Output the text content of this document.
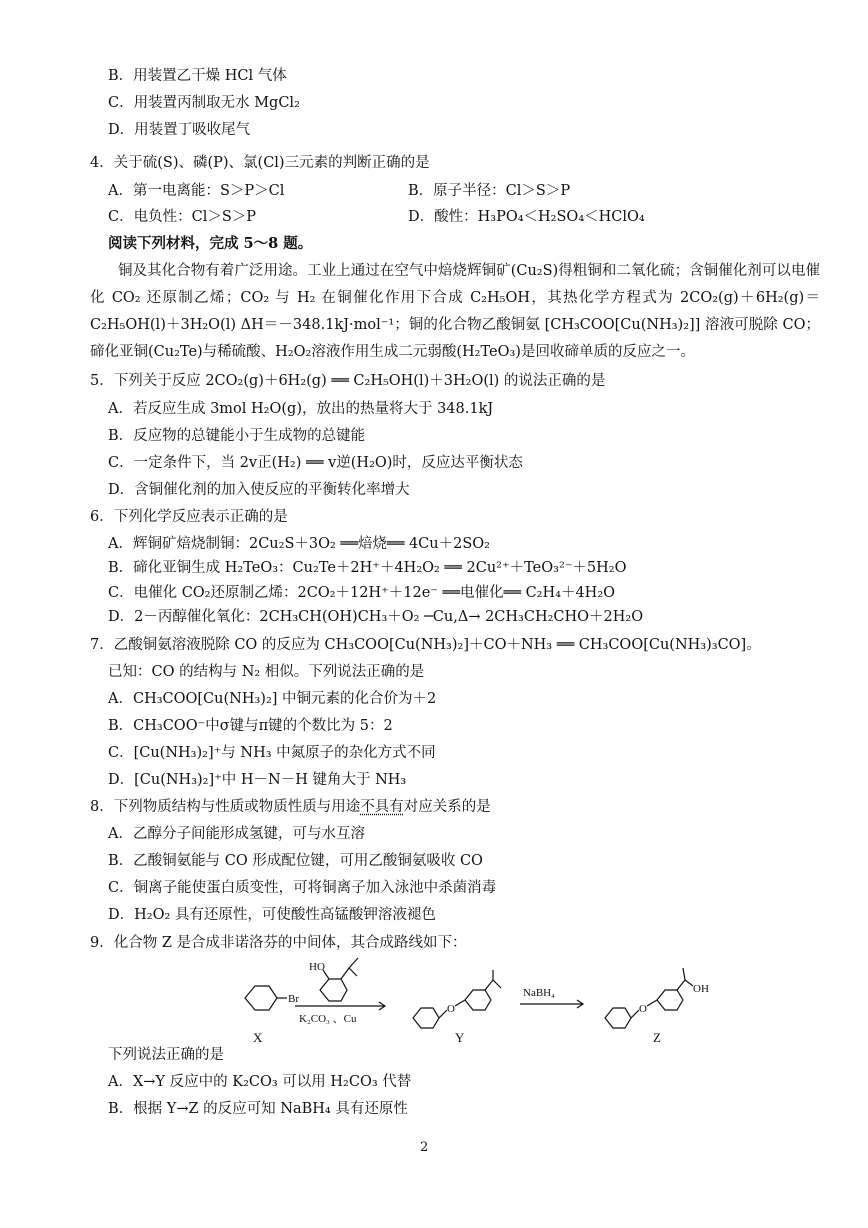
B．用装置乙干燥 HCl 气体
C．用装置丙制取无水 MgCl₂
D．用装置丁吸收尾气
4．关于硫(S)、磷(P)、氯(Cl)三元素的判断正确的是
A．第一电离能：S＞P＞Cl	B．原子半径：Cl＞S＞P
C．电负性：Cl＞S＞P	D．酸性：H₃PO₄＜H₂SO₄＜HClO₄
阅读下列材料，完成 5～8 题。
铜及其化合物有着广泛用途。工业上通过在空气中焙烧辉铜矿(Cu₂S)得粗铜和二氧化硫；含铜催化剂可以电催化 CO₂ 还原制乙烯；CO₂ 与 H₂ 在铜催化作用下合成 C₂H₅OH，其热化学方程式为 2CO₂(g)＋6H₂(g)＝C₂H₅OH(l)＋3H₂O(l) ΔH＝－348.1kJ·mol⁻¹；铜的化合物乙酸铜氨 [CH₃COO[Cu(NH₃)₂]] 溶液可脱除 CO；碲化亚铜(Cu₂Te)与稀硫酸、H₂O₂溶液作用生成二元弱酸(H₂TeO₃)是回收碲单质的反应之一。
5．下列关于反应 2CO₂(g)＋6H₂(g) ══ C₂H₅OH(l)＋3H₂O(l) 的说法正确的是
A．若反应生成 3mol H₂O(g)，放出的热量将大于 348.1kJ
B．反应物的总键能小于生成物的总键能
C．一定条件下，当 2v正(H₂) ══ v逆(H₂O)时，反应达平衡状态
D．含铜催化剂的加入使反应的平衡转化率增大
6．下列化学反应表示正确的是
A．辉铜矿焙烧制铜：2Cu₂S＋3O₂ ══焙烧══ 4Cu＋2SO₂
B．碲化亚铜生成 H₂TeO₃：Cu₂Te＋2H⁺＋4H₂O₂ ══ 2Cu²⁺＋TeO₃²⁻＋5H₂O
C．电催化 CO₂还原制乙烯：2CO₂＋12H⁺＋12e⁻ ══电催化══ C₂H₄＋4H₂O
D．2－丙醇催化氧化：2CH₃CH(OH)CH₃＋O₂ ─Cu,Δ→ 2CH₃CH₂CHO＋2H₂O
7．乙酸铜氨溶液脱除 CO 的反应为 CH₃COO[Cu(NH₃)₂]＋CO＋NH₃ ══ CH₃COO[Cu(NH₃)₃CO]。
已知：CO 的结构与 N₂ 相似。下列说法正确的是
A．CH₃COO[Cu(NH₃)₂] 中铜元素的化合价为＋2
B．CH₃COO⁻中σ键与π键的个数比为 5：2
C．[Cu(NH₃)₂]⁺与 NH₃ 中氮原子的杂化方式不同
D．[Cu(NH₃)₂]⁺中 H－N－H 键角大于 NH₃
8．下列物质结构与性质或物质性质与用途不具有对应关系的是
A．乙醇分子间能形成氢键，可与水互溶
B．乙酸铜氨能与 CO 形成配位键，可用乙酸铜氨吸收 CO
C．铜离子能使蛋白质变性，可将铜离子加入泳池中杀菌消毒
D．H₂O₂ 具有还原性，可使酸性高锰酸钾溶液褪色
9．化合物 Z 是合成非诺洛芬的中间体，其合成路线如下：
Br
HO
K₂CO₃ 、Cu
O
NaBH₄
O
OH
X	Y	Z
下列说法正确的是
A．X→Y 反应中的 K₂CO₃ 可以用 H₂CO₃ 代替
B．根据 Y→Z 的反应可知 NaBH₄ 具有还原性
2
